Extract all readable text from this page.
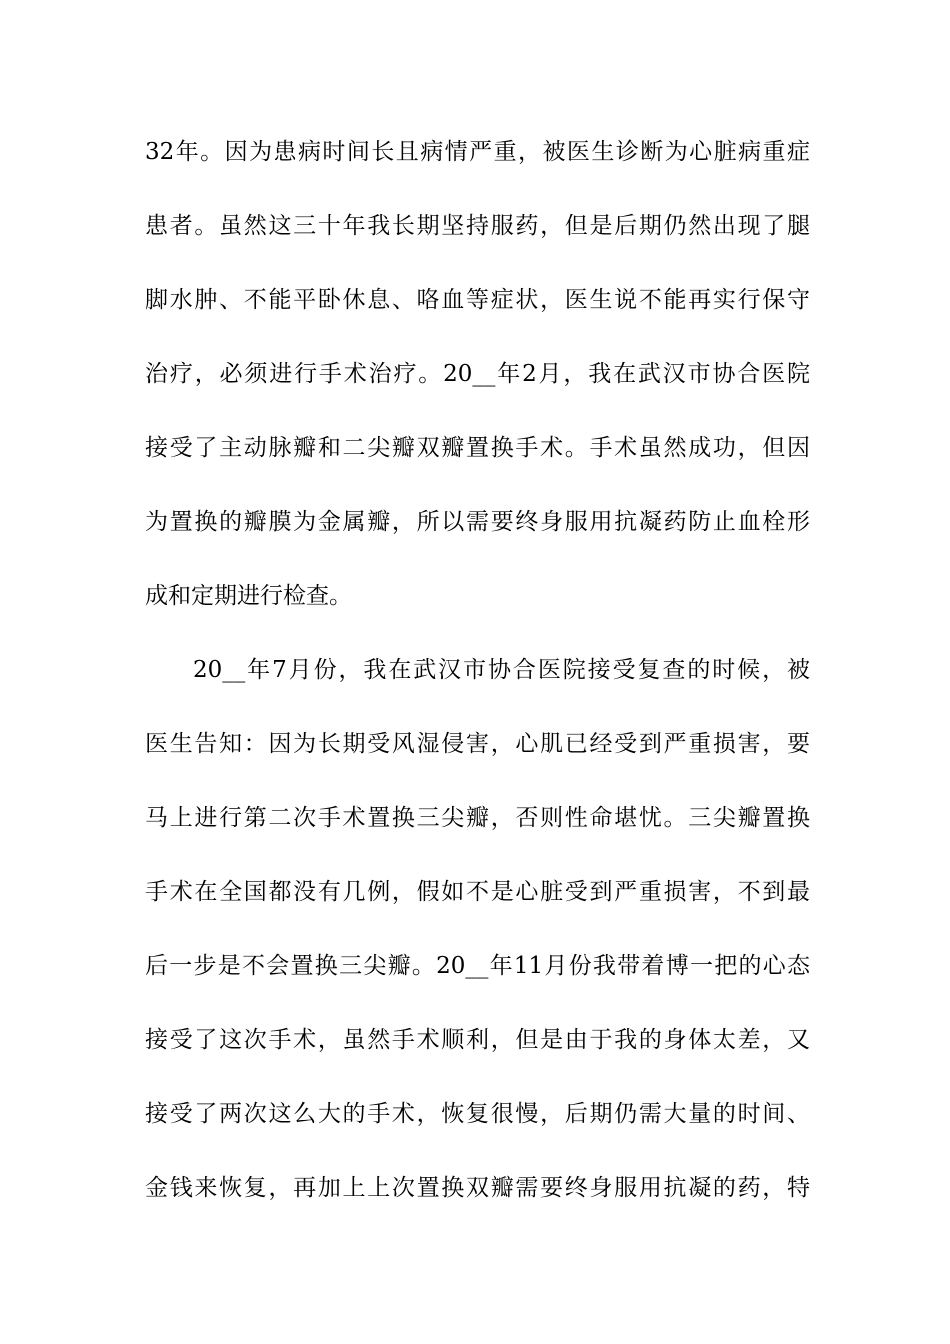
32年。因为患病时间长且病情严重，被医生诊断为心脏病重症
患者。虽然这三十年我长期坚持服药，但是后期仍然出现了腿
脚水肿、不能平卧休息、咯血等症状，医生说不能再实行保守
治疗，必须进行手术治疗。20__年2月，我在武汉市协合医院
接受了主动脉瓣和二尖瓣双瓣置换手术。手术虽然成功，但因
为置换的瓣膜为金属瓣，所以需要终身服用抗凝药防止血栓形
成和定期进行检查。
20__年7月份，我在武汉市协合医院接受复查的时候，被
医生告知：因为长期受风湿侵害，心肌已经受到严重损害，要
马上进行第二次手术置换三尖瓣，否则性命堪忧。三尖瓣置换
手术在全国都没有几例，假如不是心脏受到严重损害，不到最
后一步是不会置换三尖瓣。20__年11月份我带着博一把的心态
接受了这次手术，虽然手术顺利，但是由于我的身体太差，又
接受了两次这么大的手术，恢复很慢，后期仍需大量的时间、
金钱来恢复，再加上上次置换双瓣需要终身服用抗凝的药，特
